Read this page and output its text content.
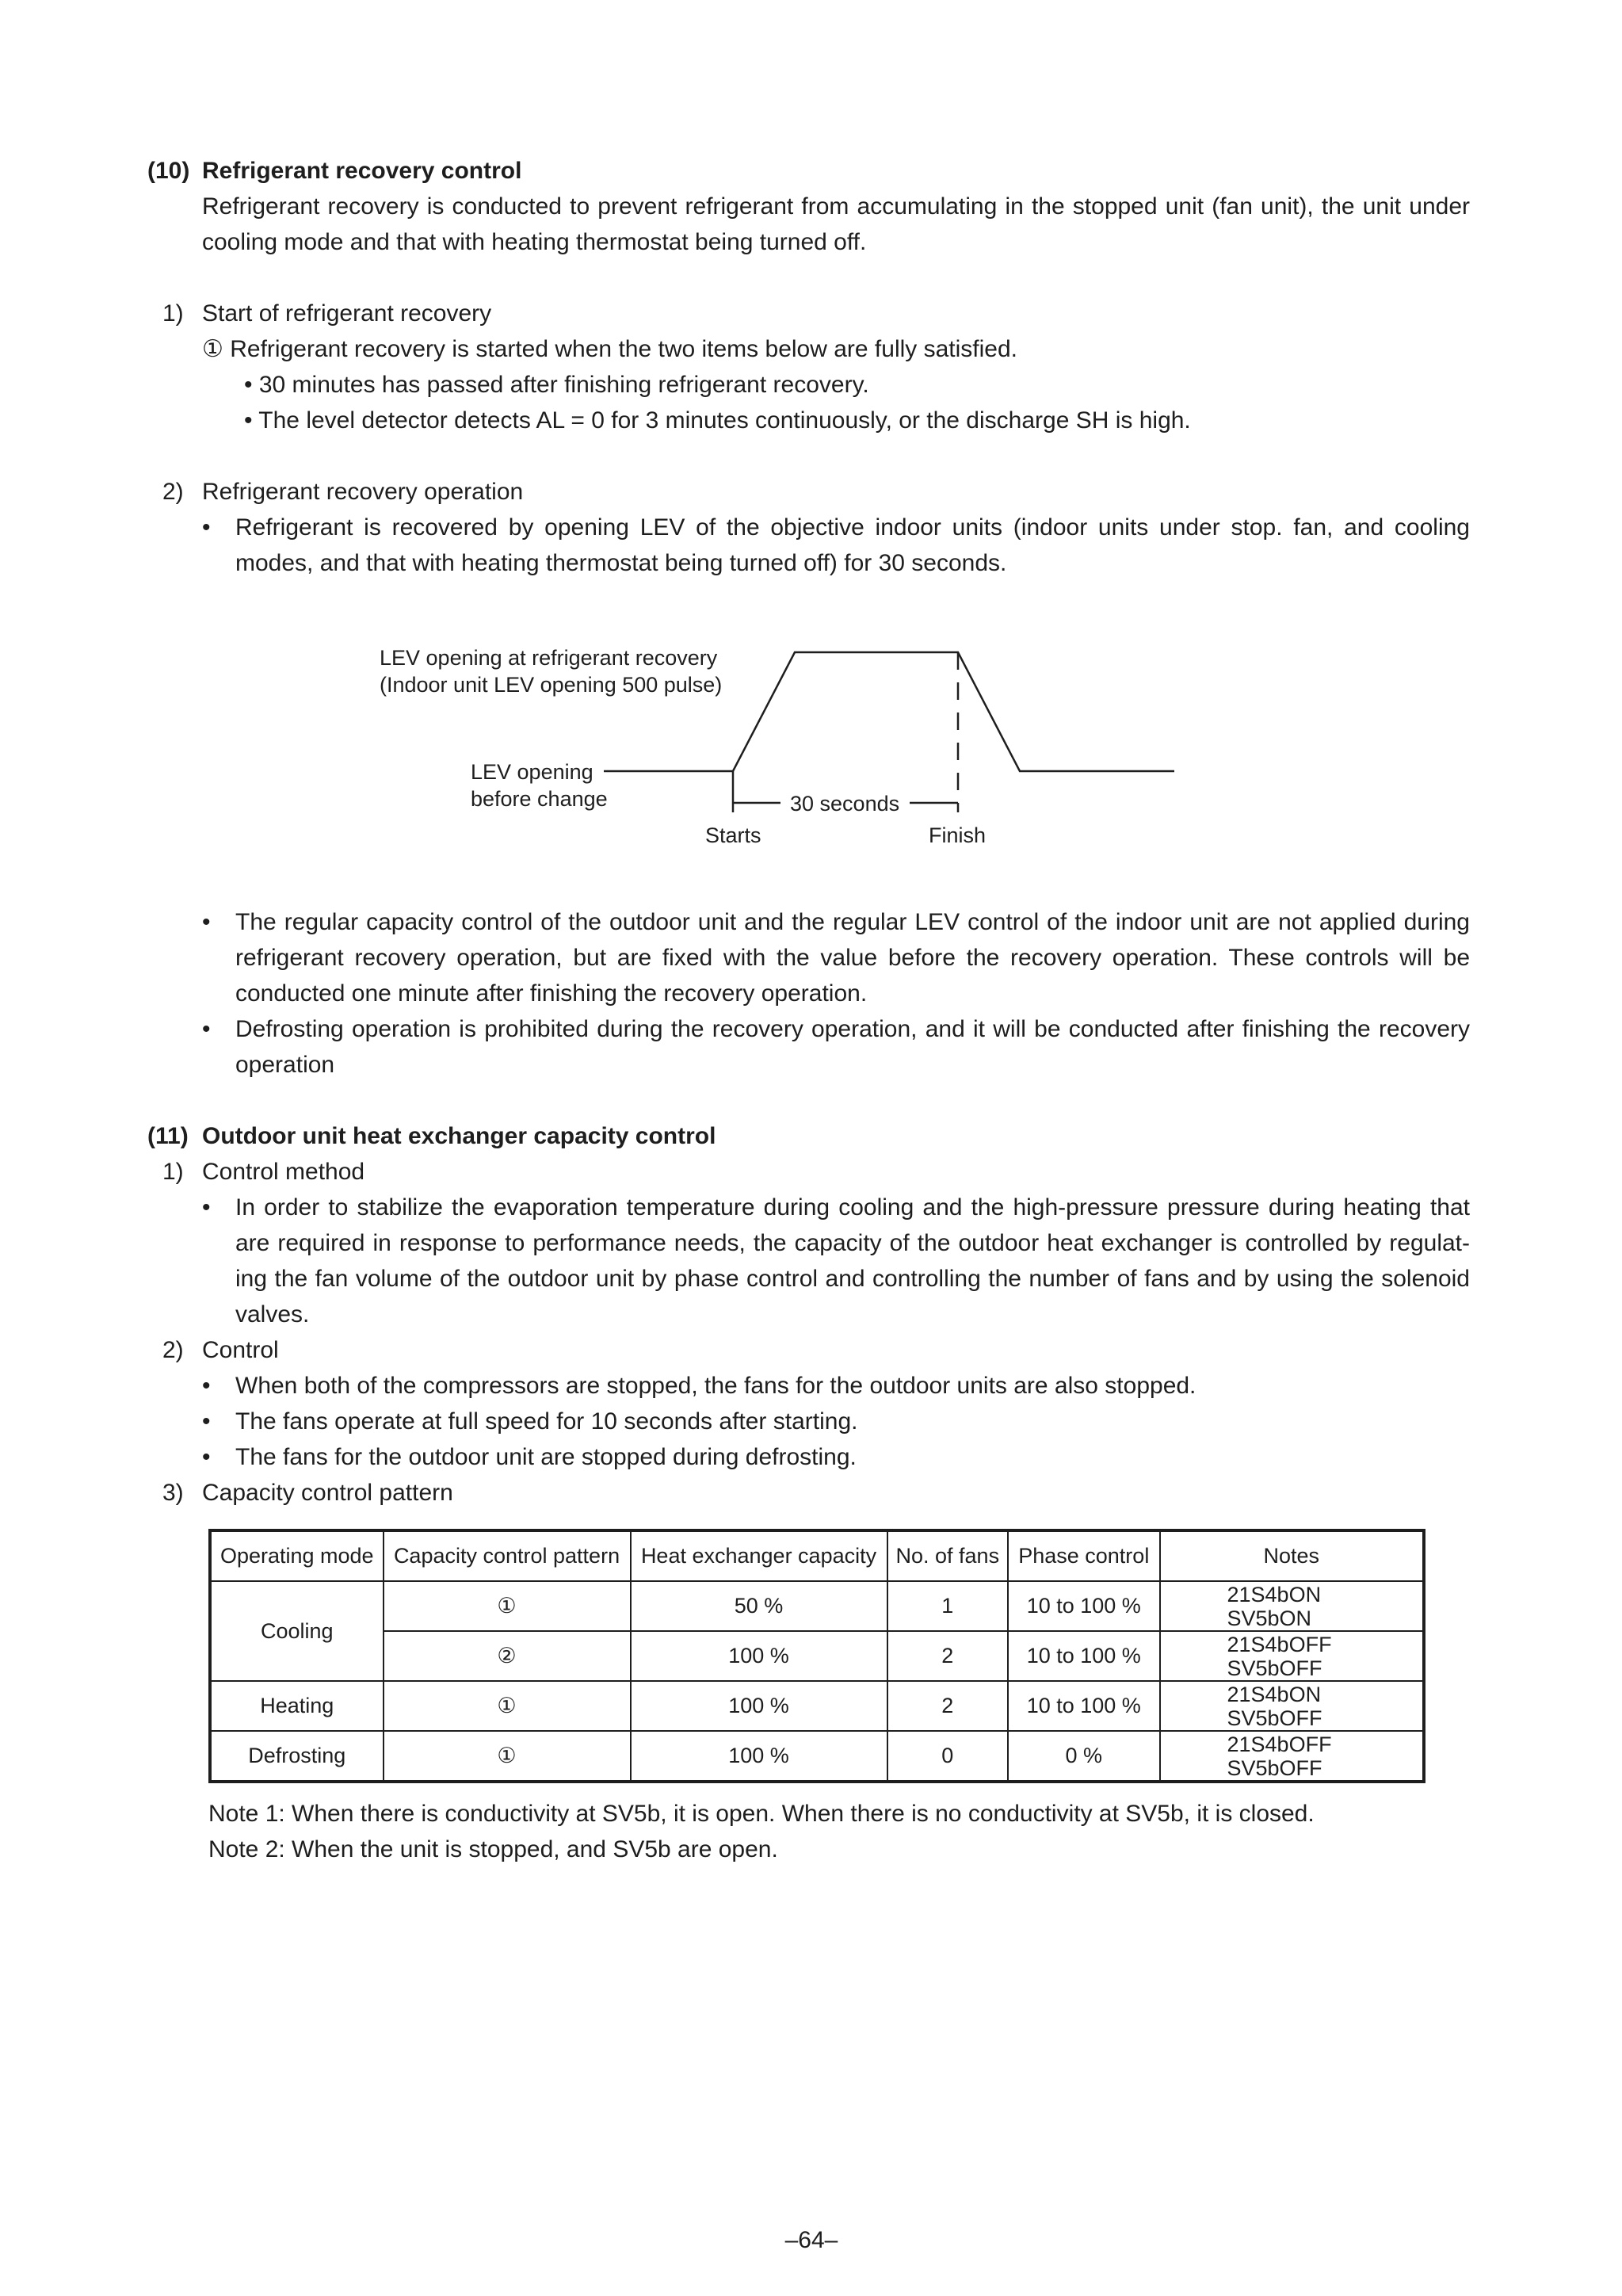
(10) Refrigerant recovery control
Refrigerant recovery is conducted to prevent refrigerant from accumulating in the stopped unit (fan unit), the unit under cooling mode and that with heating thermostat being turned off.
1) Start of refrigerant recovery
① Refrigerant recovery is started when the two items below are fully satisfied.
• 30 minutes has passed after finishing refrigerant recovery.
• The level detector detects AL = 0 for 3 minutes continuously, or the discharge SH is high.
2) Refrigerant recovery operation
• Refrigerant is recovered by opening LEV of the objective indoor units (indoor units under stop. fan, and cooling modes, and that with heating thermostat being turned off) for 30 seconds.
LEV opening at refrigerant recovery
(Indoor unit LEV opening 500 pulse)
LEV opening
before change	30 seconds
Starts	Finish
• The regular capacity control of the outdoor unit and the regular LEV control of the indoor unit are not applied during refrigerant recovery operation, but are fixed with the value before the recovery operation. These controls will be conducted one minute after finishing the recovery operation.
• Defrosting operation is prohibited during the recovery operation, and it will be conducted after finishing the recovery operation
(11) Outdoor unit heat exchanger capacity control
1) Control method
• In order to stabilize the evaporation temperature during cooling and the high-pressure pressure during heating that are required in response to performance needs, the capacity of the outdoor heat exchanger is controlled by regulat-ing the fan volume of the outdoor unit by phase control and controlling the number of fans and by using the solenoid valves.
2) Control
• When both of the compressors are stopped, the fans for the outdoor units are also stopped.
• The fans operate at full speed for 10 seconds after starting.
• The fans for the outdoor unit are stopped during defrosting.
3) Capacity control pattern
Operating mode	Capacity control pattern	Heat exchanger capacity	No. of fans	Phase control	Notes
Cooling	①	50 %	1	10 to 100 %	21S4bON
SV5bON

	②	100 %	2	10 to 100 %	21S4bOFF
SV5bOFF

Heating	①	100 %	2	10 to 100 %	21S4bON
SV5bOFF

Defrosting	①	100 %	0	0 %	21S4bOFF
SV5bOFF
Note 1: When there is conductivity at SV5b, it is open. When there is no conductivity at SV5b, it is closed.
Note 2: When the unit is stopped, and SV5b are open.
–64–
